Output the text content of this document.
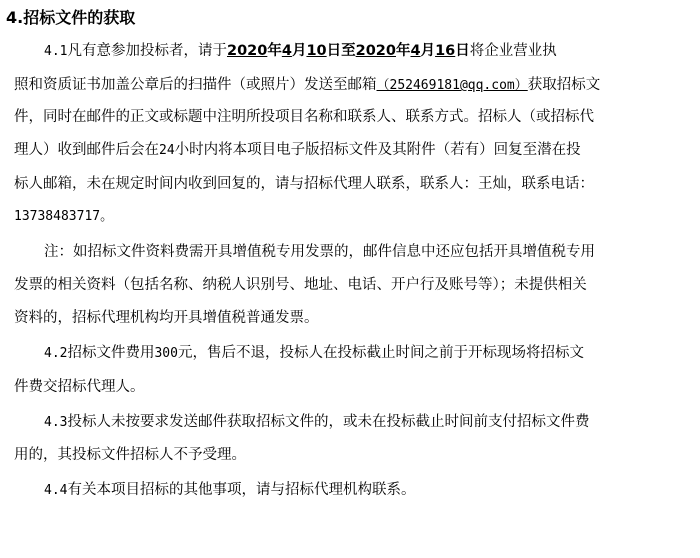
4.招标文件的获取
4.1凡有意参加投标者，请于2020年4月10日至2020年4月16日将企业营业执
照和资质证书加盖公章后的扫描件（或照片）发送至邮箱（252469181@qq.com）获取招标文
件，同时在邮件的正文或标题中注明所投项目名称和联系人、联系方式。招标人（或招标代
理人）收到邮件后会在24小时内将本项目电子版招标文件及其附件（若有）回复至潜在投
标人邮箱，未在规定时间内收到回复的，请与招标代理人联系，联系人：王灿，联系电话：
13738483717。
注：如招标文件资料费需开具增值税专用发票的，邮件信息中还应包括开具增值税专用
发票的相关资料（包括名称、纳税人识别号、地址、电话、开户行及账号等）；未提供相关
资料的，招标代理机构均开具增值税普通发票。
4.2招标文件费用300元，售后不退，投标人在投标截止时间之前于开标现场将招标文
件费交招标代理人。
4.3投标人未按要求发送邮件获取招标文件的，或未在投标截止时间前支付招标文件费
用的，其投标文件招标人不予受理。
4.4有关本项目招标的其他事项，请与招标代理机构联系。
